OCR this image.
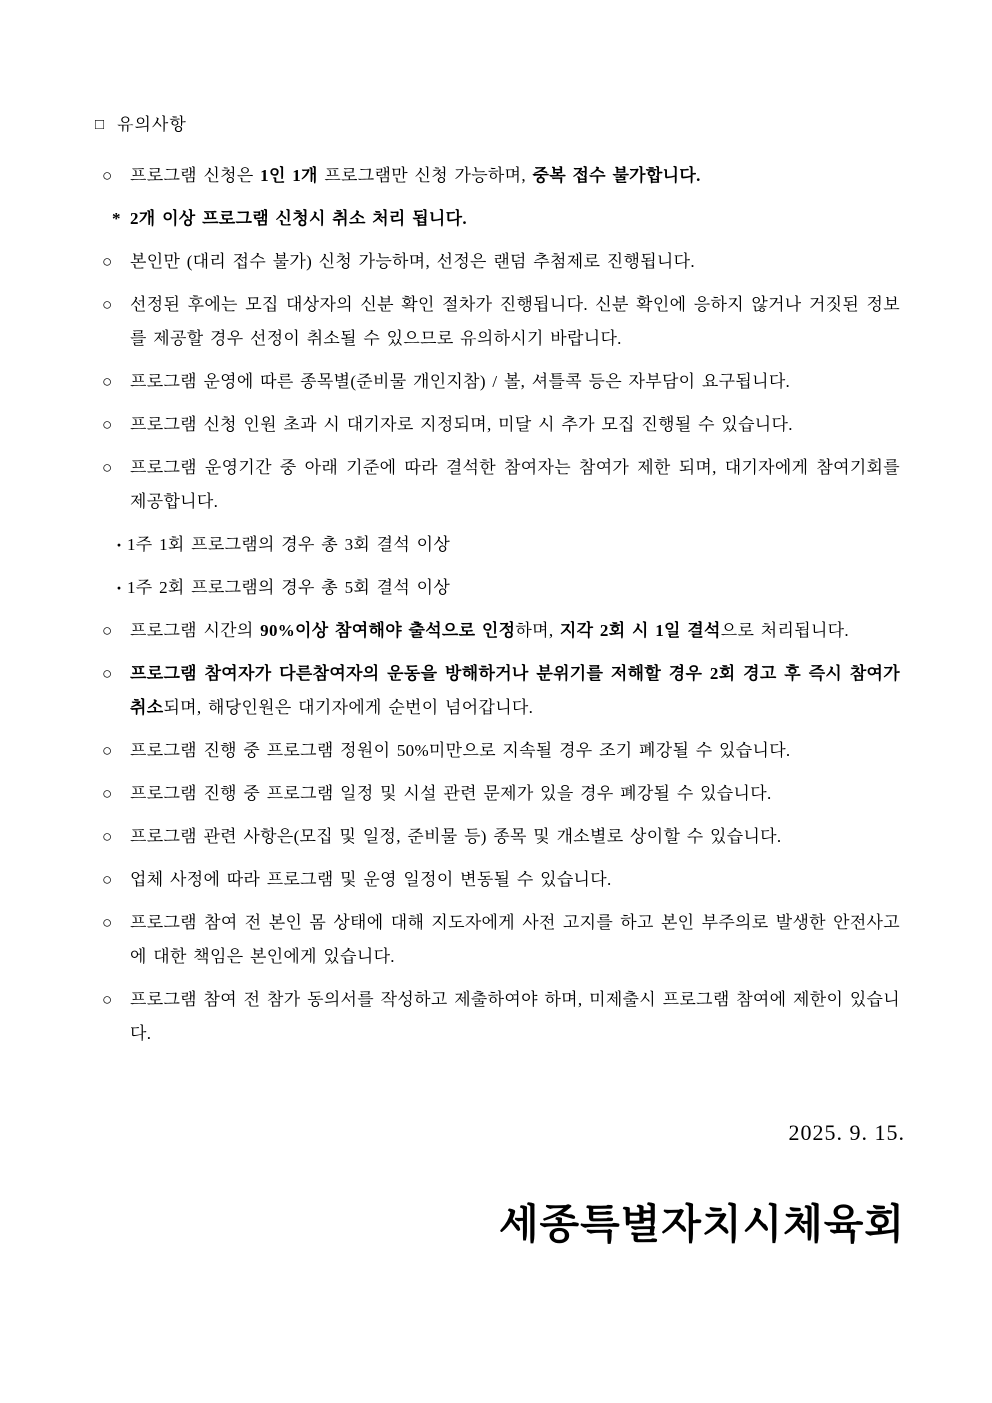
□ 유의사항
○ 프로그램 신청은 1인 1개 프로그램만 신청 가능하며, 중복 접수 불가합니다.
* 2개 이상 프로그램 신청시 취소 처리 됩니다.
○ 본인만 (대리 접수 불가) 신청 가능하며, 선정은 랜덤 추첨제로 진행됩니다.
○ 선정된 후에는 모집 대상자의 신분 확인 절차가 진행됩니다. 신분 확인에 응하지 않거나 거짓된 정보를 제공할 경우 선정이 취소될 수 있으므로 유의하시기 바랍니다.
○ 프로그램 운영에 따른 종목별(준비물 개인지참) / 볼, 셔틀콕 등은 자부담이 요구됩니다.
○ 프로그램 신청 인원 초과 시 대기자로 지정되며, 미달 시 추가 모집 진행될 수 있습니다.
○ 프로그램 운영기간 중 아래 기준에 따라 결석한 참여자는 참여가 제한 되며, 대기자에게 참여기회를 제공합니다.
· 1주 1회 프로그램의 경우 총 3회 결석 이상
· 1주 2회 프로그램의 경우 총 5회 결석 이상
○ 프로그램 시간의 90%이상 참여해야 출석으로 인정하며, 지각 2회 시 1일 결석으로 처리됩니다.
○ 프로그램 참여자가 다른참여자의 운동을 방해하거나 분위기를 저해할 경우 2회 경고 후 즉시 참여가 취소되며, 해당인원은 대기자에게 순번이 넘어갑니다.
○ 프로그램 진행 중 프로그램 정원이 50%미만으로 지속될 경우 조기 폐강될 수 있습니다.
○ 프로그램 진행 중 프로그램 일정 및 시설 관련 문제가 있을 경우 폐강될 수 있습니다.
○ 프로그램 관련 사항은(모집 및 일정, 준비물 등) 종목 및 개소별로 상이할 수 있습니다.
○ 업체 사정에 따라 프로그램 및 운영 일정이 변동될 수 있습니다.
○ 프로그램 참여 전 본인 몸 상태에 대해 지도자에게 사전 고지를 하고 본인 부주의로 발생한 안전사고에 대한 책임은 본인에게 있습니다.
○ 프로그램 참여 전 참가 동의서를 작성하고 제출하여야 하며, 미제출시 프로그램 참여에 제한이 있습니다.
2025. 9. 15.
세종특별자치시체육회
